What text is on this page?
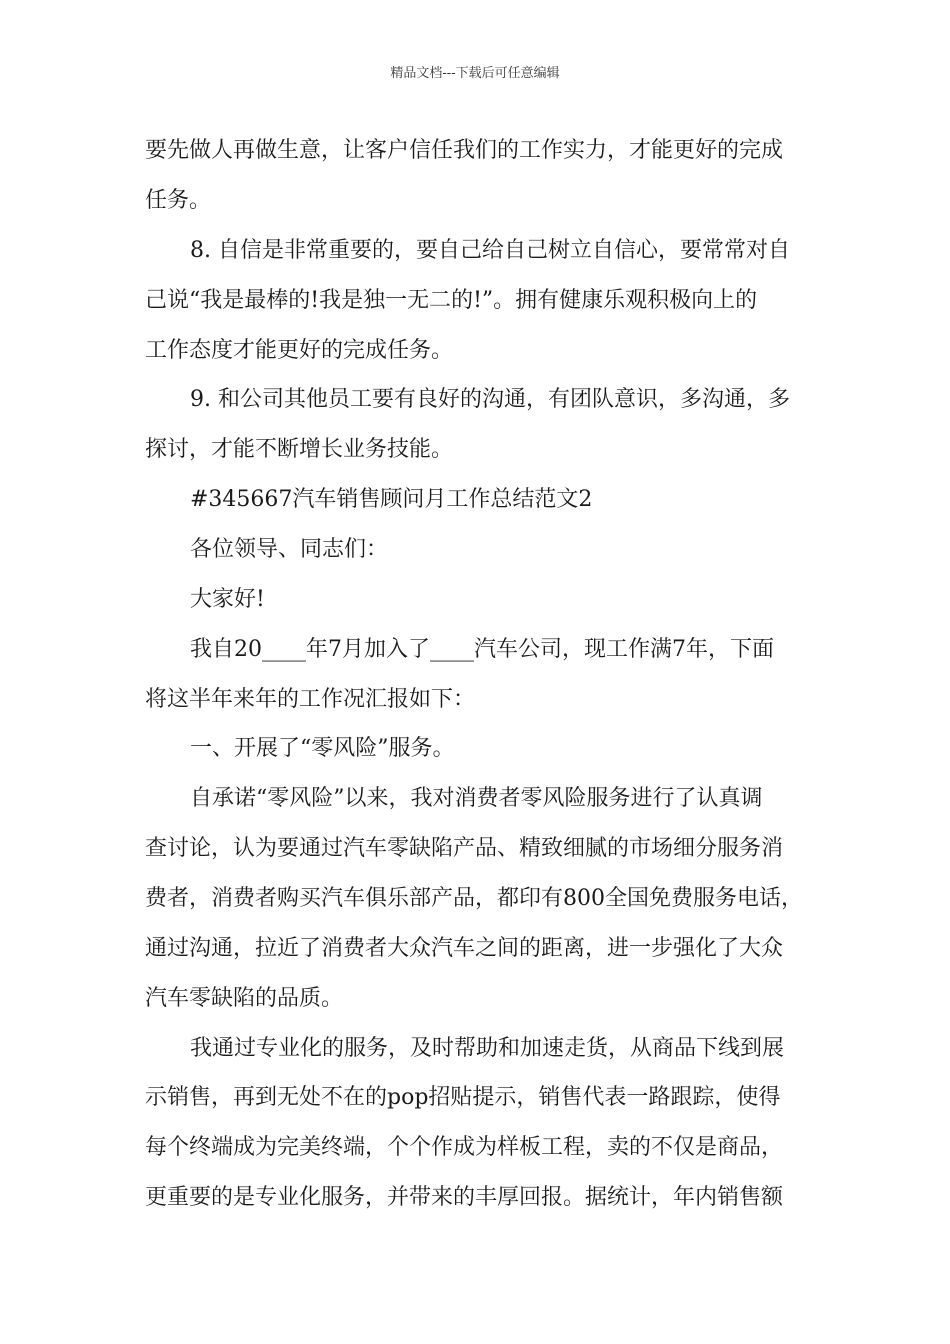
精品文档---下载后可任意编辑
要先做人再做生意，让客户信任我们的工作实力，才能更好的完成
任务。
8. 自信是非常重要的，要自己给自己树立自信心，要常常对自
己说“我是最棒的!我是独一无二的!”。拥有健康乐观积极向上的
工作态度才能更好的完成任务。
9. 和公司其他员工要有良好的沟通，有团队意识，多沟通，多
探讨，才能不断增长业务技能。
#345667汽车销售顾问月工作总结范文2
各位领导、同志们：
大家好!
我自20____年7月加入了____汽车公司，现工作满7年，下面
将这半年来年的工作况汇报如下：
一、开展了“零风险”服务。
自承诺“零风险”以来，我对消费者零风险服务进行了认真调
查讨论，认为要通过汽车零缺陷产品、精致细腻的市场细分服务消
费者，消费者购买汽车俱乐部产品，都印有800全国免费服务电话，
通过沟通，拉近了消费者大众汽车之间的距离，进一步强化了大众
汽车零缺陷的品质。
我通过专业化的服务，及时帮助和加速走货，从商品下线到展
示销售，再到无处不在的pop招贴提示，销售代表一路跟踪，使得
每个终端成为完美终端，个个作成为样板工程，卖的不仅是商品，
更重要的是专业化服务，并带来的丰厚回报。据统计，年内销售额
